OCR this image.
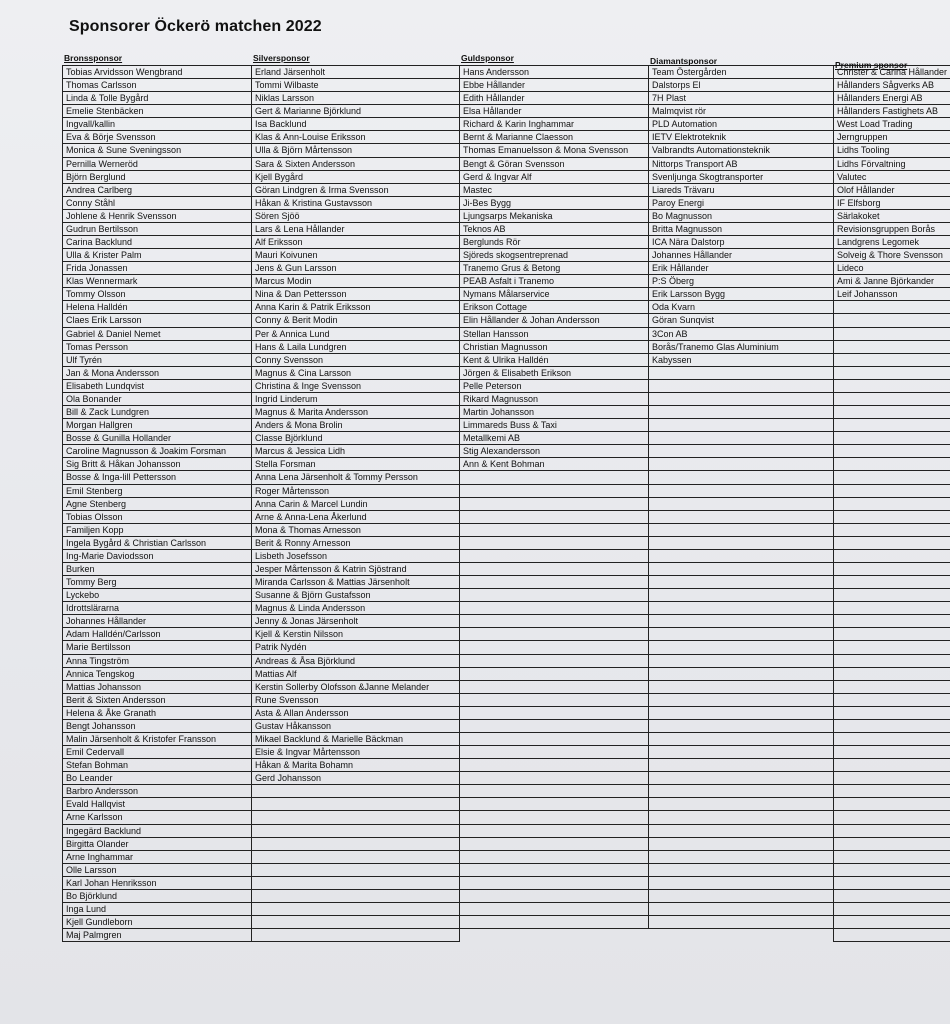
Sponsorer Öckerö matchen 2022
Bronssponsor
Tobias Arvidsson Wengbrand
Thomas Carlsson
Linda & Tolle Bygård
Emelie Stenbäcken
Ingvall/kallin
Eva & Börje Svensson
Monica & Sune Sveningsson
Pernilla Werneröd
Björn Berglund
Andrea Carlberg
Conny Ståhl
Johlene & Henrik Svensson
Gudrun Bertilsson
Carina Backlund
Ulla & Krister Palm
Frida Jonassen
Klas Wennermark
Tommy Olsson
Helena Halldén
Claes Erik Larsson
Gabriel & Daniel Nemet
Tomas Persson
Ulf Tyrén
Jan & Mona Andersson
Elisabeth Lundqvist
Ola Bonander
Bill & Zack Lundgren
Morgan Hallgren
Bosse & Gunilla Hollander
Caroline Magnusson & Joakim Forsman
Sig Britt & Håkan Johansson
Bosse & Inga-lill Pettersson
Emil Stenberg
Agne Stenberg
Tobias Olsson
Familjen Kopp
Ingela Bygård & Christian Carlsson
Ing-Marie Daviodsson
Burken
Tommy Berg
Lyckebo
Idrottslärarna
Johannes Hållander
Adam Halldén/Carlsson
Marie Bertilsson
Anna Tingström
Annica Tengskog
Mattias Johansson
Berit & Sixten Andersson
Helena & Åke Granath
Bengt Johansson
Malin Järsenholt & Kristofer Fransson
Emil Cedervall
Stefan Bohman
Bo Leander
Barbro Andersson
Evald Hallqvist
Arne Karlsson
Ingegärd Backlund
Birgitta Olander
Arne Inghammar
Olle Larsson
Karl Johan Henriksson
Bo Björklund
Inga Lund
Kjell Gundleborn
Maj Palmgren
Silversponsor
Erland Järsenholt
Tommi Wilbaste
Niklas Larsson
Gert & Marianne Björklund
Isa Backlund
Klas & Ann-Louise Eriksson
Ulla & Björn Mårtensson
Sara & Sixten Andersson
Kjell Bygård
Göran Lindgren & Irma Svensson
Håkan & Kristina Gustavsson
Sören Sjöö
Lars & Lena Hållander
Alf Eriksson
Mauri Koivunen
Jens & Gun Larsson
Marcus Modin
Nina & Dan Pettersson
Anna Karin & Patrik Eriksson
Conny & Berit Modin
Per & Annica Lund
Hans & Laila Lundgren
Conny Svensson
Magnus & Cina Larsson
Christina & Inge Svensson
Ingrid Linderum
Magnus & Marita Andersson
Anders & Mona Brolin
Classe Björklund
Marcus & Jessica Lidh
Stella Forsman
Anna Lena Järsenholt & Tommy Persson
Roger Mårtensson
Anna Carin & Marcel Lundin
Arne & Anna-Lena Åkerlund
Mona & Thomas Arnesson
Berit & Ronny Arnesson
Lisbeth Josefsson
Jesper Mårtensson & Katrin Sjöstrand
Miranda Carlsson & Mattias Järsenholt
Susanne & Björn Gustafsson
Magnus & Linda Andersson
Jenny & Jonas Järsenholt
Kjell & Kerstin Nilsson
Patrik Nydén
Andreas & Åsa Björklund
Mattias Alf
Kerstin Sollerby Olofsson &Janne Melander
Rune Svensson
Asta & Allan Andersson
Gustav Håkansson
Mikael Backlund & Marielle Bäckman
Elsie & Ingvar Mårtensson
Håkan & Marita Bohamn
Gerd Johansson
Guldsponsor
Hans Andersson
Ebbe Hållander
Edith Hållander
Elsa Hållander
Richard & Karin Inghammar
Bernt & Marianne Claesson
Thomas Emanuelsson & Mona Svensson
Bengt & Göran Svensson
Gerd & Ingvar Alf
Mastec
Ji-Bes Bygg
Ljungsarps Mekaniska
Teknos AB
Berglunds Rör
Sjöreds skogsentreprenad
Tranemo Grus & Betong
PEAB Asfalt i Tranemo
Nymans Målarservice
Erikson Cottage
Elin Hållander & Johan Andersson
Stellan Hansson
Christian Magnusson
Kent & Ulrika Halldén
Jörgen & Elisabeth Erikson
Pelle Peterson
Rikard Magnusson
Martin Johansson
Limmareds Buss & Taxi
Metallkemi AB
Stig Alexandersson
Ann & Kent Bohman
Diamantsponsor
Team Östergården
Dalstorps El
7H Plast
Malmqvist rör
PLD Automation
IETV Elektroteknik
Valbrandts Automationsteknik
Nittorps Transport AB
Svenljunga Skogtransporter
Liareds Trävaru
Paroy Energi
Bo Magnusson
Britta Magnusson
ICA Nära Dalstorp
Johannes Hållander
Erik Hållander
P:S Öberg
Erik Larsson Bygg
Oda Kvarn
Göran Sunqvist
3Con AB
Borås/Tranemo Glas Aluminium
Kabyssen
Premium sponsor
Christer & Carina Hållander
Hållanders Sågverks AB
Hållanders Energi AB
Hållanders Fastighets AB
West Load Trading
Jerngruppen
Lidhs Tooling
Lidhs Förvaltning
Valutec
Olof Hållander
IF Elfsborg
Särlakoket
Revisionsgruppen Borås
Landgrens Legomek
Solveig & Thore Svensson
Lideco
Ami & Janne Björkander
Leif Johansson
